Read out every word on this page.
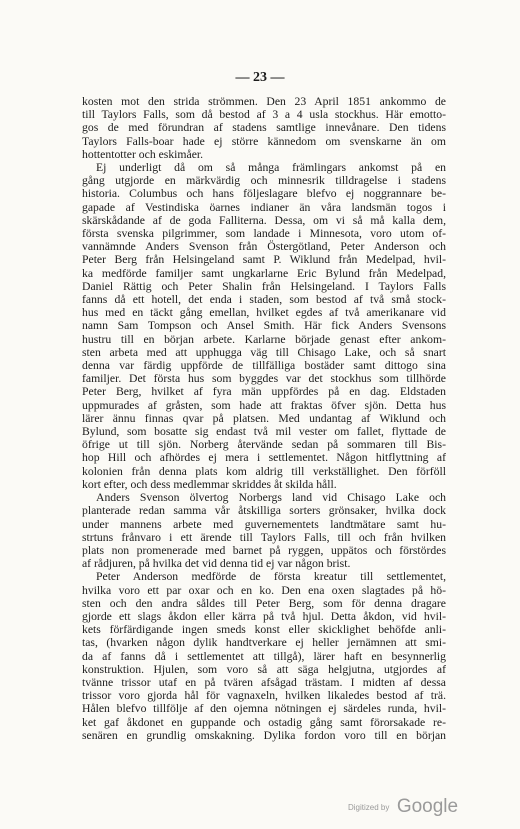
— 23 —
kosten mot den strida strömmen. Den 23 April 1851 ankommo de
till Taylors Falls, som då bestod af 3 a 4 usla stockhus. Här emotto-
gos de med förundran af stadens samtlige innevånare. Den tidens
Taylors Falls-boar hade ej större kännedom om svenskarne än om
hottentotter och eskimåer.
Ej underligt då om så många främlingars ankomst på en
gång utgjorde en märkvärdig och minnesrik tilldragelse i stadens
historia. Columbus och hans följeslagare blefvo ej noggrannare be-
gapade af Vestindiska öarnes indianer än våra landsmän togos i
skärskådande af de goda Falliterna. Dessa, om vi så må kalla dem,
första svenska pilgrimmer, som landade i Minnesota, voro utom of-
vannämnde Anders Svenson från Östergötland, Peter Anderson och
Peter Berg från Helsingeland samt P. Wiklund från Medelpad, hvil-
ka medförde familjer samt ungkarlarne Eric Bylund från Medelpad,
Daniel Rättig och Peter Shalin från Helsingeland. I Taylors Falls
fanns då ett hotell, det enda i staden, som bestod af två små stock-
hus med en täckt gång emellan, hvilket egdes af två amerikanare vid
namn Sam Tompson och Ansel Smith. Här fick Anders Svensons
hustru till en början arbete. Karlarne började genast efter ankom-
sten arbeta med att upphugga väg till Chisago Lake, och så snart
denna var färdig uppförde de tillfälliga bostäder samt dittogo sina
familjer. Det första hus som byggdes var det stockhus som tillhörde
Peter Berg, hvilket af fyra män uppfördes på en dag. Eldstaden
uppmurades af gråsten, som hade att fraktas öfver sjön. Detta hus
lärer ännu finnas qvar på platsen. Med undantag af Wiklund och
Bylund, som bosatte sig endast två mil vester om fallet, flyttade de
öfrige ut till sjön. Norberg återvände sedan på sommaren till Bis-
hop Hill och afhördes ej mera i settlementet. Någon hitflyttning af
kolonien från denna plats kom aldrig till verkställighet. Den förföll
kort efter, och dess medlemmar skriddes åt skilda håll.
Anders Svenson ölvertog Norbergs land vid Chisago Lake och
planterade redan samma vår åtskilliga sorters grönsaker, hvilka dock
under mannens arbete med guvernementets landtmätare samt hu-
strtuns frånvaro i ett ärende till Taylors Falls, till och från hvilken
plats non promenerade med barnet på ryggen, uppätos och förstördes
af rådjuren, på hvilka det vid denna tid ej var någon brist.
Peter Anderson medförde de första kreatur till settlementet,
hvilka voro ett par oxar och en ko. Den ena oxen slagtades på hö-
sten och den andra såldes till Peter Berg, som för denna dragare
gjorde ett slags åkdon eller kärra på två hjul. Detta åkdon, vid hvil-
kets förfärdigande ingen smeds konst eller skicklighet behöfde anli-
tas, (hvarken någon dylik handtverkare ej heller jernämnen att smi-
da af fanns då i settlementet att tillgå), lärer haft en besynnerlig
konstruktion. Hjulen, som voro så att säga helgjutna, utgjordes af
tvänne trissor utaf en på tvären afsågad trästam. I midten af dessa
trissor voro gjorda hål för vagnaxeln, hvilken likaledes bestod af trä.
Hålen blefvo tillfölje af den ojemna nötningen ej särdeles runda, hvil-
ket gaf åkdonet en guppande och ostadig gång samt förorsakade re-
senären en grundlig omskakning. Dylika fordon voro till en början
Digitized by Google
